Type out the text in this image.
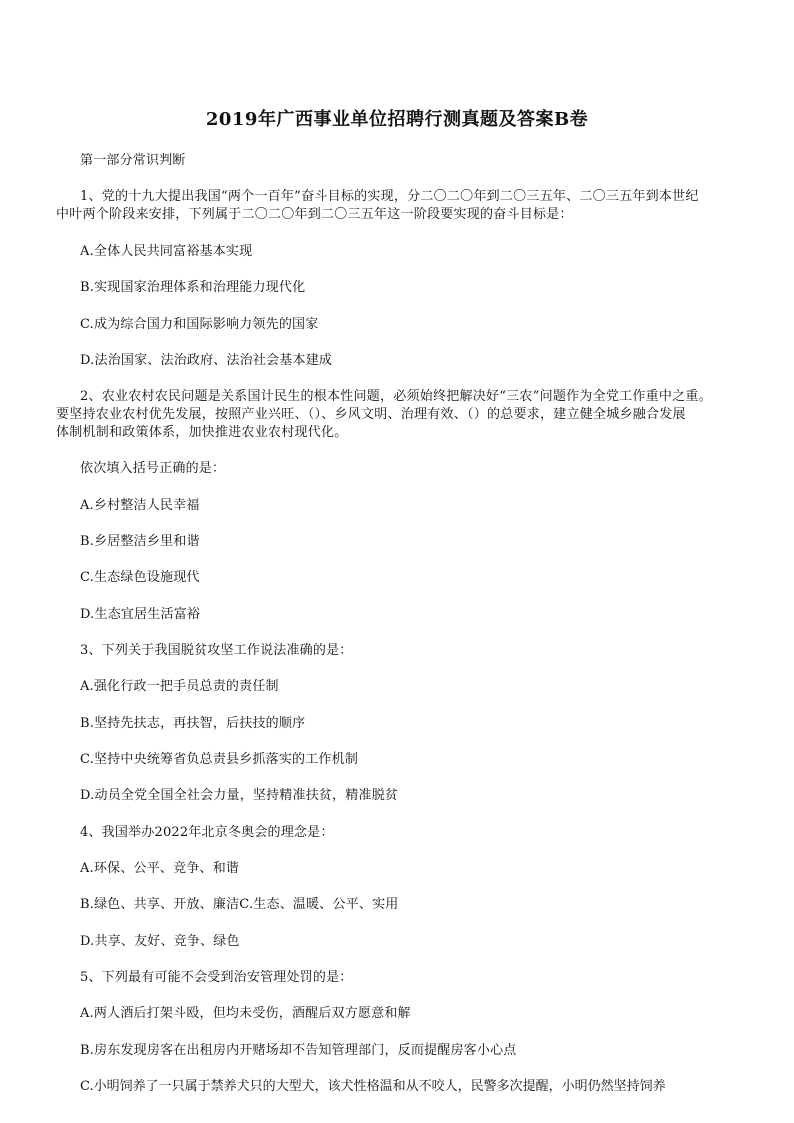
2019年广西事业单位招聘行测真题及答案B卷
第一部分常识判断
1、党的十九大提出我国“两个一百年”奋斗目标的实现，分二〇二〇年到二〇三五年、二〇三五年到本世纪
中叶两个阶段来安排，下列属于二〇二〇年到二〇三五年这一阶段要实现的奋斗目标是：
A.全体人民共同富裕基本实现
B.实现国家治理体系和治理能力现代化
C.成为综合国力和国际影响力领先的国家
D.法治国家、法治政府、法治社会基本建成
2、农业农村农民问题是关系国计民生的根本性问题，必须始终把解决好“三农”问题作为全党工作重中之重。
要坚持农业农村优先发展，按照产业兴旺、（）、乡风文明、治理有效、（）的总要求，建立健全城乡融合发展
体制机制和政策体系，加快推进农业农村现代化。
依次填入括号正确的是：
A.乡村整洁人民幸福
B.乡居整洁乡里和谐
C.生态绿色设施现代
D.生态宜居生活富裕
3、下列关于我国脱贫攻坚工作说法准确的是：
A.强化行政一把手员总责的责任制
B.坚持先扶志，再扶智，后扶技的顺序
C.坚持中央统筹省负总责县乡抓落实的工作机制
D.动员全党全国全社会力量，坚持精准扶贫，精准脱贫
4、我国举办2022年北京冬奥会的理念是：
A.环保、公平、竞争、和谐
B.绿色、共享、开放、廉洁C.生态、温暖、公平、实用
D.共享、友好、竞争、绿色
5、下列最有可能不会受到治安管理处罚的是：
A.两人酒后打架斗殴，但均未受伤，酒醒后双方愿意和解
B.房东发现房客在出租房内开赌场却不告知管理部门，反而提醒房客小心点
C.小明饲养了一只属于禁养犬只的大型犬，该犬性格温和从不咬人，民警多次提醒，小明仍然坚持饲养
